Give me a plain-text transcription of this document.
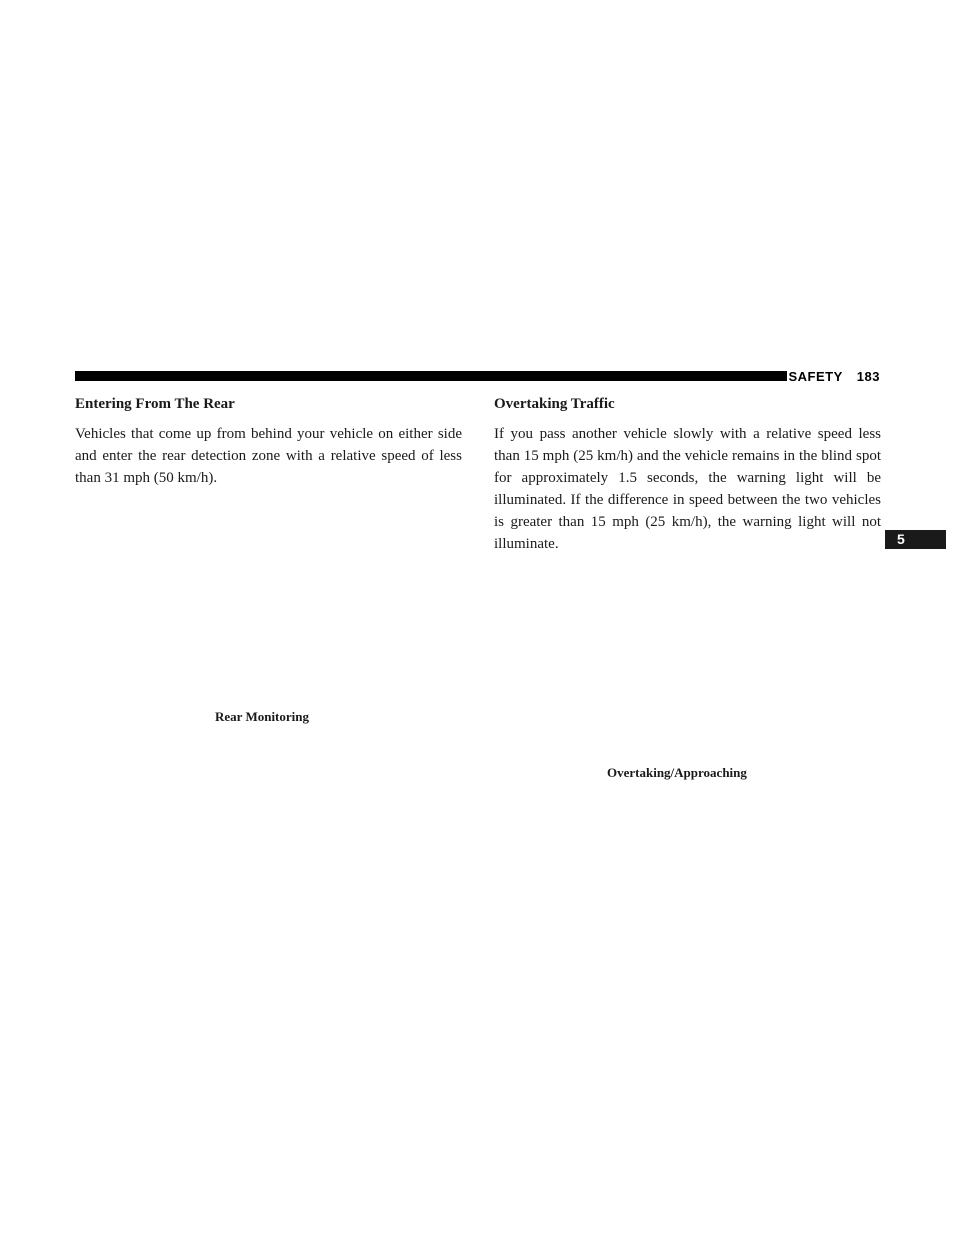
SAFETY 183
5
Entering From The Rear

Vehicles that come up from behind your vehicle on either side and enter the rear detection zone with a relative speed of less than 31 mph (50 km/h).

Rear Monitoring

Overtaking Traffic

If you pass another vehicle slowly with a relative speed less than 15 mph (25 km/h) and the vehicle remains in the blind spot for approximately 1.5 seconds, the warning light will be illuminated. If the difference in speed between the two vehicles is greater than 15 mph (25 km/h), the warning light will not illuminate.

Overtaking/Approaching
